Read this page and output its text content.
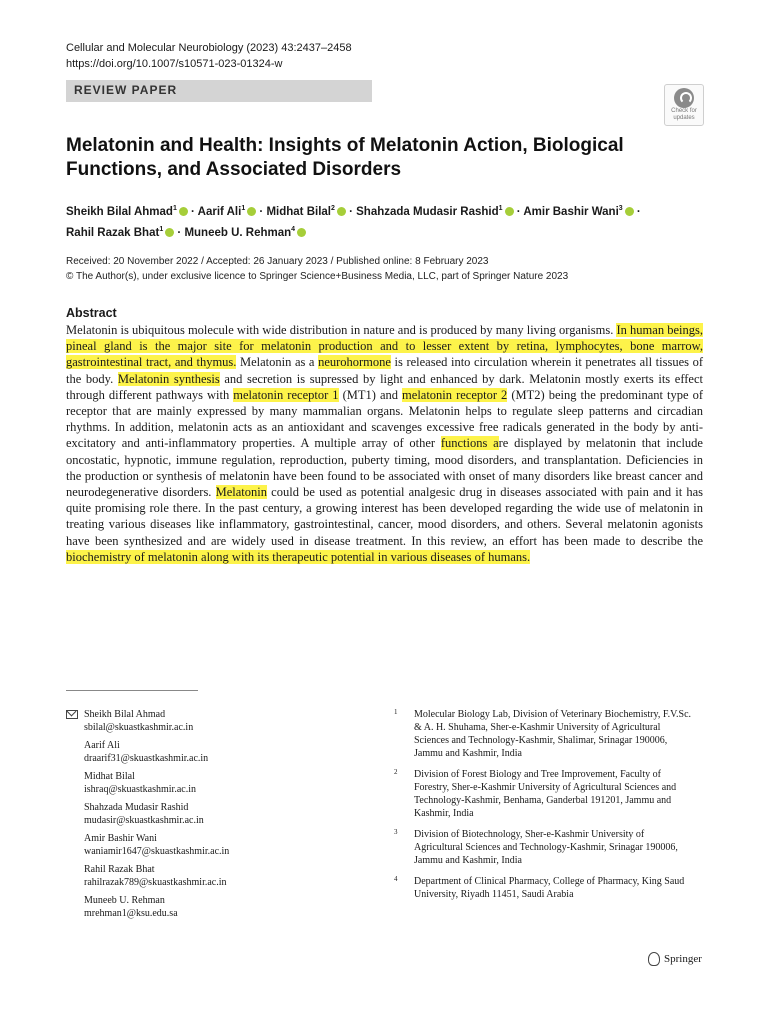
Cellular and Molecular Neurobiology (2023) 43:2437–2458
https://doi.org/10.1007/s10571-023-01324-w
REVIEW PAPER
Check for
updates
Melatonin and Health: Insights of Melatonin Action, Biological Functions, and Associated Disorders
Sheikh Bilal Ahmad$^1$ · Aarif Ali$^1$ · Midhat Bilal$^2$ · Shahzada Mudasir Rashid$^1$ · Amir Bashir Wani$^3$ ·
Rahil Razak Bhat$^1$ · Muneeb U. Rehman$^4$
Received: 20 November 2022 / Accepted: 26 January 2023 / Published online: 8 February 2023
© The Author(s), under exclusive licence to Springer Science+Business Media, LLC, part of Springer Nature 2023
Abstract
Melatonin is ubiquitous molecule with wide distribution in nature and is produced by many living organisms. In human beings, pineal gland is the major site for melatonin production and to lesser extent by retina, lymphocytes, bone marrow, gastrointestinal tract, and thymus. Melatonin as a neurohormone is released into circulation wherein it penetrates all tissues of the body. Melatonin synthesis and secretion is supressed by light and enhanced by dark. Melatonin mostly exerts its effect through different pathways with melatonin receptor 1 (MT1) and melatonin receptor 2 (MT2) being the predominant type of receptor that are mainly expressed by many mammalian organs. Melatonin helps to regulate sleep patterns and circadian rhythms. In addition, melatonin acts as an antioxidant and scavenges excessive free radicals generated in the body by anti-excitatory and anti-inflammatory properties. A multiple array of other functions are displayed by melatonin that include oncostatic, hypnotic, immune regulation, reproduction, puberty timing, mood disorders, and transplantation. Deficiencies in the production or synthesis of melatonin have been found to be associated with onset of many disorders like breast cancer and neurodegenerative disorders. Melatonin could be used as potential analgesic drug in diseases associated with pain and it has quite promising role there. In the past century, a growing interest has been developed regarding the wide use of melatonin in treating various diseases like inflammatory, gastrointestinal, cancer, mood disorders, and others. Several melatonin agonists have been synthesized and are widely used in disease treatment. In this review, an effort has been made to describe the biochemistry of melatonin along with its therapeutic potential in various diseases of humans.
Sheikh Bilal Ahmad
sbilal@skuastkashmir.ac.in
Aarif Ali
draarif31@skuastkashmir.ac.in
Midhat Bilal
ishraq@skuastkashmir.ac.in
Shahzada Mudasir Rashid
mudasir@skuastkashmir.ac.in
Amir Bashir Wani
waniamir1647@skuastkashmir.ac.in
Rahil Razak Bhat
rahilrazak789@skuastkashmir.ac.in
Muneeb U. Rehman
mrehman1@ksu.edu.sa
1 Molecular Biology Lab, Division of Veterinary Biochemistry, F.V.Sc. & A. H. Shuhama, Sher-e-Kashmir University of Agricultural Sciences and Technology-Kashmir, Shalimar, Srinagar 190006, Jammu and Kashmir, India
2 Division of Forest Biology and Tree Improvement, Faculty of Forestry, Sher-e-Kashmir University of Agricultural Sciences and Technology-Kashmir, Benhama, Ganderbal 191201, Jammu and Kashmir, India
3 Division of Biotechnology, Sher-e-Kashmir University of Agricultural Sciences and Technology-Kashmir, Srinagar 190006, Jammu and Kashmir, India
4 Department of Clinical Pharmacy, College of Pharmacy, King Saud University, Riyadh 11451, Saudi Arabia
Springer
